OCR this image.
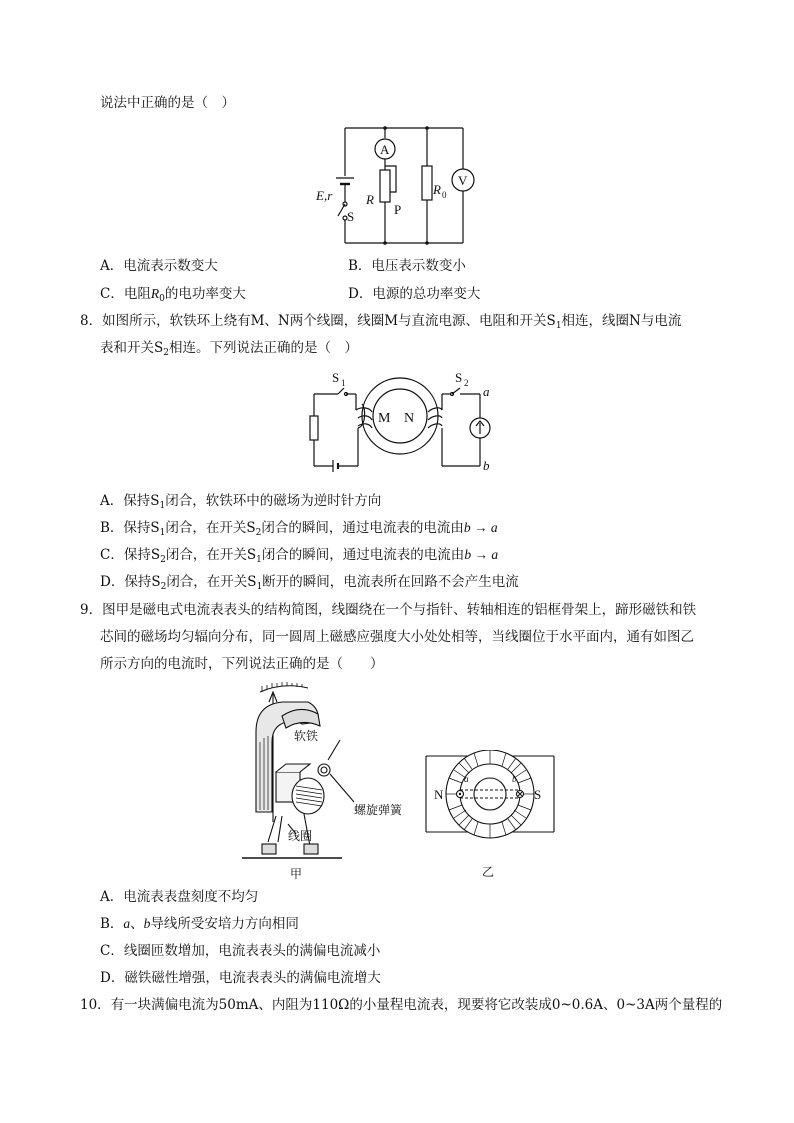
说法中正确的是（　）
A
V
E,r
S
R
P
R 0
A．电流表示数变大	B．电压表示数变小
C．电阻$R_0$的电功率变大	D．电源的总功率变大
8．如图所示，软铁环上绕有M、N两个线圈，线圈M与直流电源、电阻和开关$S_1$相连，线圈N与电流
表和开关$S_2$相连。下列说法正确的是（　）
S 1	S 2
M N
a
b
A．保持$S_1$闭合，软铁环中的磁场为逆时针方向
B．保持$S_1$闭合，在开关$S_2$闭合的瞬间，通过电流表的电流由b → a
C．保持$S_2$闭合，在开关$S_1$闭合的瞬间，通过电流表的电流由b → a
D．保持$S_2$闭合，在开关$S_1$断开的瞬间，电流表所在回路不会产生电流
9．图甲是磁电式电流表表头的结构简图，线圈绕在一个与指针、转轴相连的铝框骨架上，蹄形磁铁和铁
芯间的磁场均匀辐向分布，同一圆周上磁感应强度大小处处相等，当线圈位于水平面内，通有如图乙
所示方向的电流时，下列说法正确的是（　　）
软铁
螺旋弹簧
线圈
甲
N	S
a	b
乙
A．电流表表盘刻度不均匀
B．a、b导线所受安培力方向相同
C．线圈匝数增加，电流表表头的满偏电流减小
D．磁铁磁性增强，电流表表头的满偏电流增大
10．有一块满偏电流为50mA、内阻为110Ω的小量程电流表，现要将它改装成0~0.6A、0~3A两个量程的
